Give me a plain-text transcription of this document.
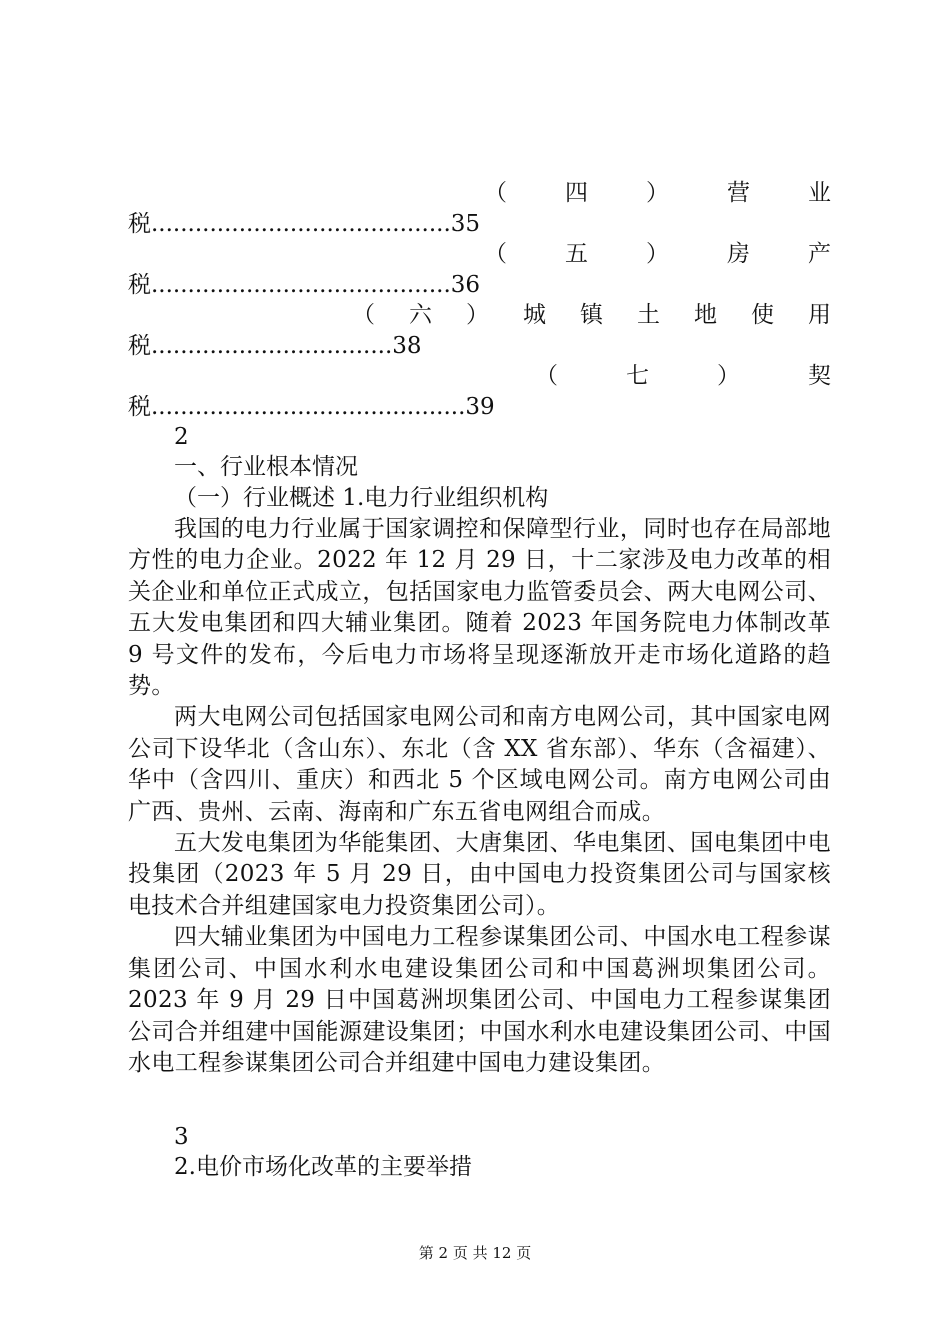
（	四	）	营	业
税.........................................35
（	五	）	房	产
税.........................................36
（ 六 ） 城 镇 土 地 使 用
税.................................38
（	七	）	契
税...........................................39
2
一、行业根本情况
（一）行业概述 1.电力行业组织机构

我国的电力行业属于国家调控和保障型行业，同时也存在局部地方性的电力企业。2022 年 12 月 29 日，十二家涉及电力改革的相关企业和单位正式成立，包括国家电力监管委员会、两大电网公司、五大发电集团和四大辅业集团。随着 2023 年国务院电力体制改革 9 号文件的发布，今后电力市场将呈现逐渐放开走市场化道路的趋势。

两大电网公司包括国家电网公司和南方电网公司，其中国家电网公司下设华北（含山东）、东北（含 XX 省东部）、华东（含福建）、华中（含四川、重庆）和西北 5 个区域电网公司。南方电网公司由广西、贵州、云南、海南和广东五省电网组合而成。

五大发电集团为华能集团、大唐集团、华电集团、国电集团中电投集团（2023 年 5 月 29 日，由中国电力投资集团公司与国家核电技术合并组建国家电力投资集团公司）。

四大辅业集团为中国电力工程参谋集团公司、中国水电工程参谋集团公司、中国水利水电建设集团公司和中国葛洲坝集团公司。2023 年 9 月 29 日中国葛洲坝集团公司、中国电力工程参谋集团公司合并组建中国能源建设集团；中国水利水电建设集团公司、中国水电工程参谋集团公司合并组建中国电力建设集团。

3
2.电价市场化改革的主要举措
第 2 页 共 12 页
